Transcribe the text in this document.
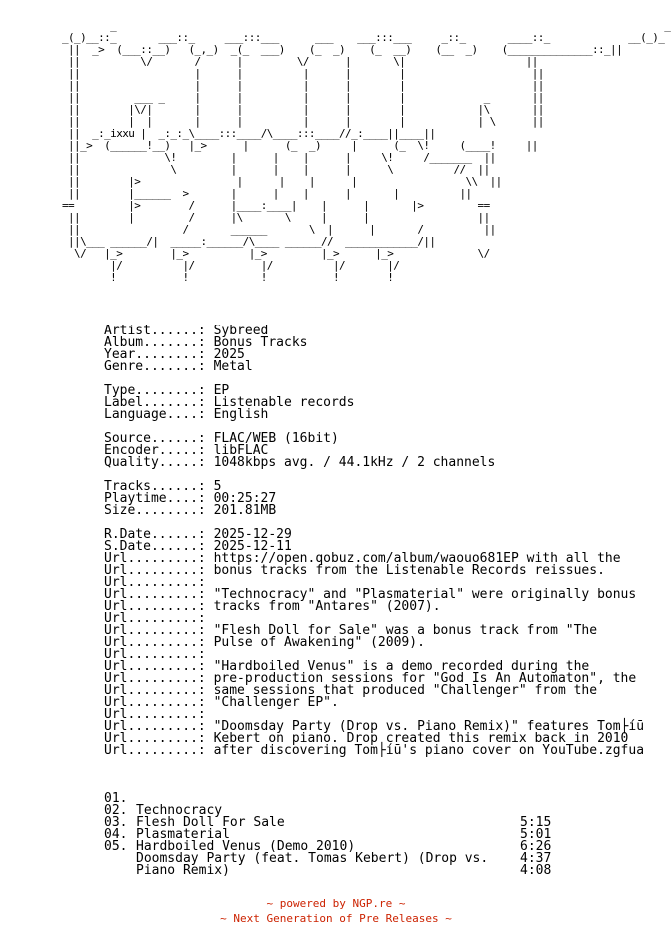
_                                                                                           _
_(_)__::_       ___::_     ___:::___      ___    ___:::___     _::_       ____::_             __(_)_
||  _>  (___::__)   (_,_)  _(_  ___)    (_  _)    (_  __)    (__  _)    (______________::_||
||          \/       /      |         \/      |       \|                    ||
||                   |      |          |      |        |                     ||
||                   |      |          |      |        |                     ||
||         ___ _     |      |          |      |        |             _       ||
||        |\/|       |      |          |      |        |            |\       ||
||        |  |       |      |          |      |        |            | \      ||
||  _:_ixxu |  _:_:_\____:::____/\____:::____//_:____||____||
||_>  (______!__)   |_>      |      (_  _)     |      (_  \!     (____!     ||
||              \!         |      |    |      |     \!     /_______  ||
||               \         |      |    |      |      \          //  ||
||        |>                |      |    |      |                  \\  ||
||        |______  >       |      |    |      |       |          ||
==         |>        /      |____:____|    |      |       |>         ==
||        |         /      |\       \     |      |                  ||
||                 /       ______       \  |      |       /          ||
||\___ ______/|  _____:______/\____ ______//  ____________/||
\/   |_>        |_>          |_>         |_>      |_>              \/
|/          |/           |/          |/       |/
!           !            !           !        !
Artist......: Sybreed
Album.......: Bonus Tracks
Year........: 2025
Genre.......: Metal
Type........: EP
Label.......: Listenable records
Language....: English
Source......: FLAC/WEB (16bit)
Encoder.....: libFLAC
Quality.....: 1048kbps avg. / 44.1kHz / 2 channels
Tracks......: 5
Playtime....: 00:25:27
Size........: 201.81MB
R.Date......: 2025-12-29
S.Date......: 2025-12-11
Url.........: https://open.qobuz.com/album/waouo681EP with all the
Url.........: bonus tracks from the Listenable Records reissues.
Url.........:
Url.........: "Technocracy" and "Plasmaterial" were originally bonus
Url.........: tracks from "Antares" (2007).
Url.........:
Url.........: "Flesh Doll for Sale" was a bonus track from "The
Url.........: Pulse of Awakening" (2009).
Url.........:
Url.........: "Hardboiled Venus" is a demo recorded during the
Url.........: pre-production sessions for "God Is An Automaton", the
Url.........: same sessions that produced "Challenger" from the
Url.........: "Challenger EP".
Url.........:
Url.........: "Doomsday Party (Drop vs. Piano Remix)" features Tom├íū
Url.........: Kebert on piano. Drop created this remix back in 2010
Url.........: after discovering Tom├íū's piano cover on YouTube.zgfua

01.

Technocracy

5:15

02.

Flesh Doll For Sale

5:01

03.

Plasmaterial

6:26

04.

Hardboiled Venus (Demo 2010)

4:37

05.

Doomsday Party (feat. Tomas Kebert) (Drop vs.

4:08

Piano Remix)

~ powered by NGP.re ~
~ Next Generation of Pre Releases ~
